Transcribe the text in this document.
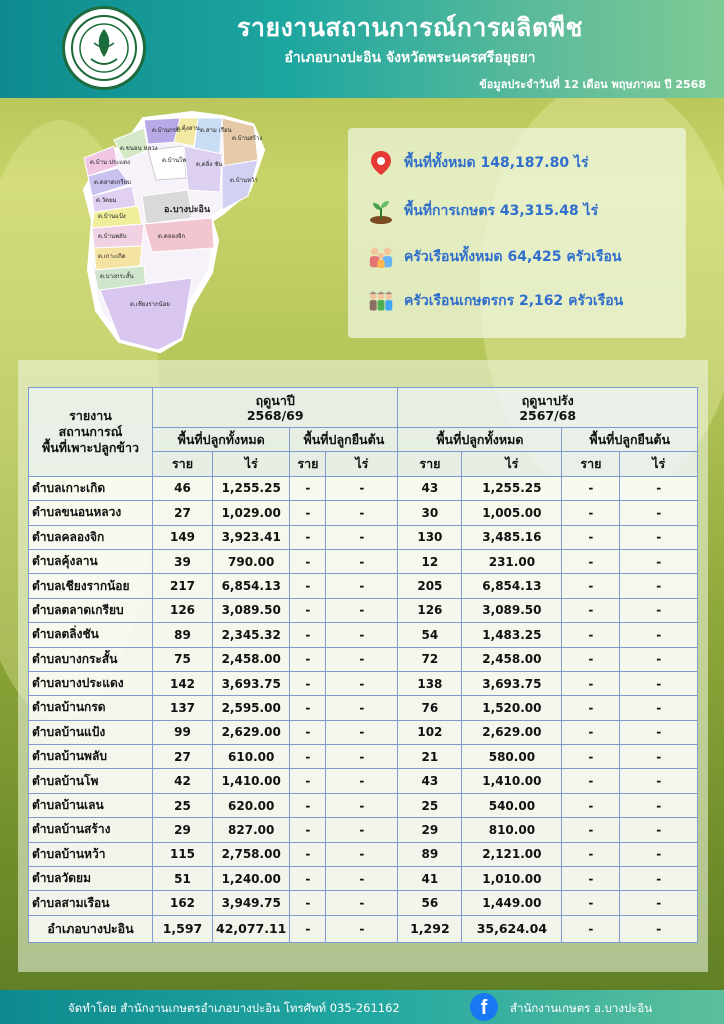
รายงานสถานการณ์การผลิตพืช
อำเภอบางปะอิน จังหวัดพระนครศรีอยุธยา
ข้อมูลประจำวันที่ 12 เดือน พฤษภาคม ปี 2568
ต.บ้านกรด
ต.ขนอน หลวง
ต.บ้าน ประแดง
ต.คุ้งลาน ต.สาม เรือน
ต.บ้านสร้าง
ต.ตลาดเกรียบ
ต.บ้านโพ
ต.ตลิ่ง ชัน
ต.วัดยม
ต.บ้านหว้า
ต.บ้านแป้ง
อ.บางปะอิน
ต.บ้านพลับ	ต.คลองจิก
ต.เกาะเกิด
ต.บางกระสั้น
ต.เชียงรากน้อย
พื้นที่ทั้งหมด 148,187.80 ไร่
พื้นที่การเกษตร 43,315.48 ไร่
ครัวเรือนทั้งหมด 64,425 ครัวเรือน
ครัวเรือนเกษตรกร 2,162 ครัวเรือน
รายงาน
สถานการณ์
พื้นที่เพาะปลูกข้าว	ฤดูนาปี
2568/69				ฤดูนาปรัง
2567/68			
	พื้นที่ปลูกทั้งหมด		พื้นที่ปลูกยืนต้น		พื้นที่ปลูกทั้งหมด		พื้นที่ปลูกยืนต้น	
	ราย	ไร่	ราย	ไร่	ราย	ไร่	ราย	ไร่
ตำบลเกาะเกิด	46	1,255.25	-	-	43	1,255.25	-	-
ตำบลขนอนหลวง	27	1,029.00	-	-	30	1,005.00	-	-
ตำบลคลองจิก	149	3,923.41	-	-	130	3,485.16	-	-
ตำบลคุ้งลาน	39	790.00	-	-	12	231.00	-	-
ตำบลเชียงรากน้อย	217	6,854.13	-	-	205	6,854.13	-	-
ตำบลตลาดเกรียบ	126	3,089.50	-	-	126	3,089.50	-	-
ตำบลตลิ่งชัน	89	2,345.32	-	-	54	1,483.25	-	-
ตำบลบางกระสั้น	75	2,458.00	-	-	72	2,458.00	-	-
ตำบลบางประแดง	142	3,693.75	-	-	138	3,693.75	-	-
ตำบลบ้านกรด	137	2,595.00	-	-	76	1,520.00	-	-
ตำบลบ้านแป้ง	99	2,629.00	-	-	102	2,629.00	-	-
ตำบลบ้านพลับ	27	610.00	-	-	21	580.00	-	-
ตำบลบ้านโพ	42	1,410.00	-	-	43	1,410.00	-	-
ตำบลบ้านเลน	25	620.00	-	-	25	540.00	-	-
ตำบลบ้านสร้าง	29	827.00	-	-	29	810.00	-	-
ตำบลบ้านหว้า	115	2,758.00	-	-	89	2,121.00	-	-
ตำบลวัดยม	51	1,240.00	-	-	41	1,010.00	-	-
ตำบลสามเรือน	162	3,949.75	-	-	56	1,449.00	-	-
อำเภอบางปะอิน	1,597	42,077.11	-	-	1,292	35,624.04	-	-
จัดทำโดย สำนักงานเกษตรอำเภอบางปะอิน โทรศัพท์ 035-261162	f	สำนักงานเกษตร อ.บางปะอิน
